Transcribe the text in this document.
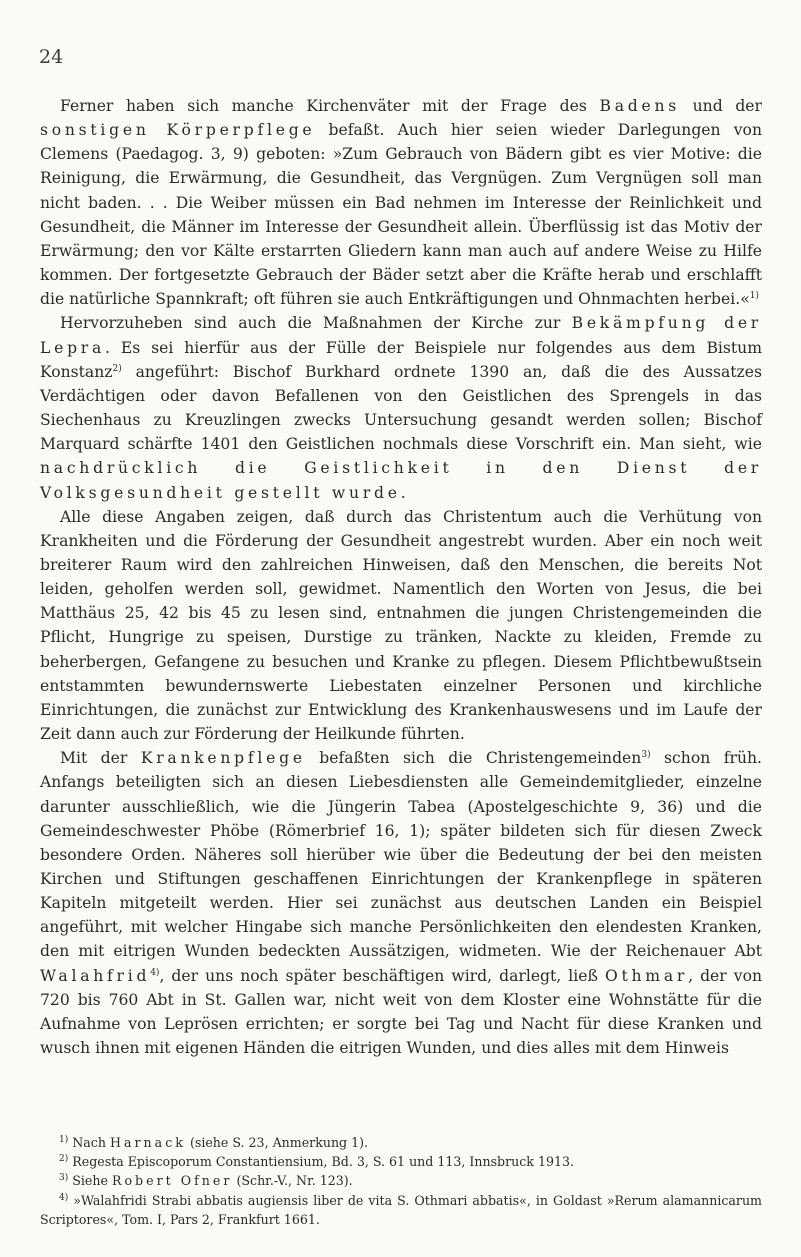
24

Ferner haben sich manche Kirchenväter mit der Frage des Badens und der sonstigen Körperpflege befaßt. Auch hier seien wieder Darlegungen von Clemens (Paedagog. 3, 9) geboten: »Zum Gebrauch von Bädern gibt es vier Motive: die Reinigung, die Erwärmung, die Gesundheit, das Vergnügen. Zum Vergnügen soll man nicht baden. . . Die Weiber müssen ein Bad nehmen im Interesse der Reinlichkeit und Gesundheit, die Männer im Interesse der Gesundheit allein. Überflüssig ist das Motiv der Erwärmung; den vor Kälte erstarrten Gliedern kann man auch auf andere Weise zu Hilfe kommen. Der fortgesetzte Gebrauch der Bäder setzt aber die Kräfte herab und erschlafft die natürliche Spannkraft; oft führen sie auch Entkräftigungen und Ohnmachten herbei.«$^{1)}$

Hervorzuheben sind auch die Maßnahmen der Kirche zur Bekämpfung der Lepra. Es sei hierfür aus der Fülle der Beispiele nur folgendes aus dem Bistum Konstanz$^{2)}$ angeführt: Bischof Burkhard ordnete 1390 an, daß die des Aussatzes Verdächtigen oder davon Befallenen von den Geistlichen des Sprengels in das Siechenhaus zu Kreuzlingen zwecks Untersuchung gesandt werden sollen; Bischof Marquard schärfte 1401 den Geistlichen nochmals diese Vorschrift ein. Man sieht, wie nachdrücklich die Geistlichkeit in den Dienst der Volksgesundheit gestellt wurde.

Alle diese Angaben zeigen, daß durch das Christentum auch die Verhütung von Krankheiten und die Förderung der Gesundheit angestrebt wurden. Aber ein noch weit breiterer Raum wird den zahlreichen Hinweisen, daß den Menschen, die bereits Not leiden, geholfen werden soll, gewidmet. Namentlich den Worten von Jesus, die bei Matthäus 25, 42 bis 45 zu lesen sind, entnahmen die jungen Christengemeinden die Pflicht, Hungrige zu speisen, Durstige zu tränken, Nackte zu kleiden, Fremde zu beherbergen, Gefangene zu besuchen und Kranke zu pflegen. Diesem Pflichtbewußtsein entstammten bewundernswerte Liebestaten einzelner Personen und kirchliche Einrichtungen, die zunächst zur Entwicklung des Krankenhauswesens und im Laufe der Zeit dann auch zur Förderung der Heilkunde führten.

Mit der Krankenpflege befaßten sich die Christengemeinden$^{3)}$ schon früh. Anfangs beteiligten sich an diesen Liebesdiensten alle Gemeindemitglieder, einzelne darunter ausschließlich, wie die Jüngerin Tabea (Apostelgeschichte 9, 36) und die Gemeindeschwester Phöbe (Römerbrief 16, 1); später bildeten sich für diesen Zweck besondere Orden. Näheres soll hierüber wie über die Bedeutung der bei den meisten Kirchen und Stiftungen geschaffenen Einrichtungen der Krankenpflege in späteren Kapiteln mitgeteilt werden. Hier sei zunächst aus deutschen Landen ein Beispiel angeführt, mit welcher Hingabe sich manche Persönlichkeiten den elendesten Kranken, den mit eitrigen Wunden bedeckten Aussätzigen, widmeten. Wie der Reichenauer Abt Walahfrid$^{4)}$, der uns noch später beschäftigen wird, darlegt, ließ Othmar, der von 720 bis 760 Abt in St. Gallen war, nicht weit von dem Kloster eine Wohnstätte für die Aufnahme von Leprösen errichten; er sorgte bei Tag und Nacht für diese Kranken und wusch ihnen mit eigenen Händen die eitrigen Wunden, und dies alles mit dem Hinweis

$^{1)}$ Nach Harnack (siehe S. 23, Anmerkung 1).

$^{2)}$ Regesta Episcoporum Constantiensium, Bd. 3, S. 61 und 113, Innsbruck 1913.

$^{3)}$ Siehe Robert Ofner (Schr.-V., Nr. 123).

$^{4)}$ »Walahfridi Strabi abbatis augiensis liber de vita S. Othmari abbatis«, in Goldast »Rerum alamannicarum Scriptores«, Tom. I, Pars 2, Frankfurt 1661.
